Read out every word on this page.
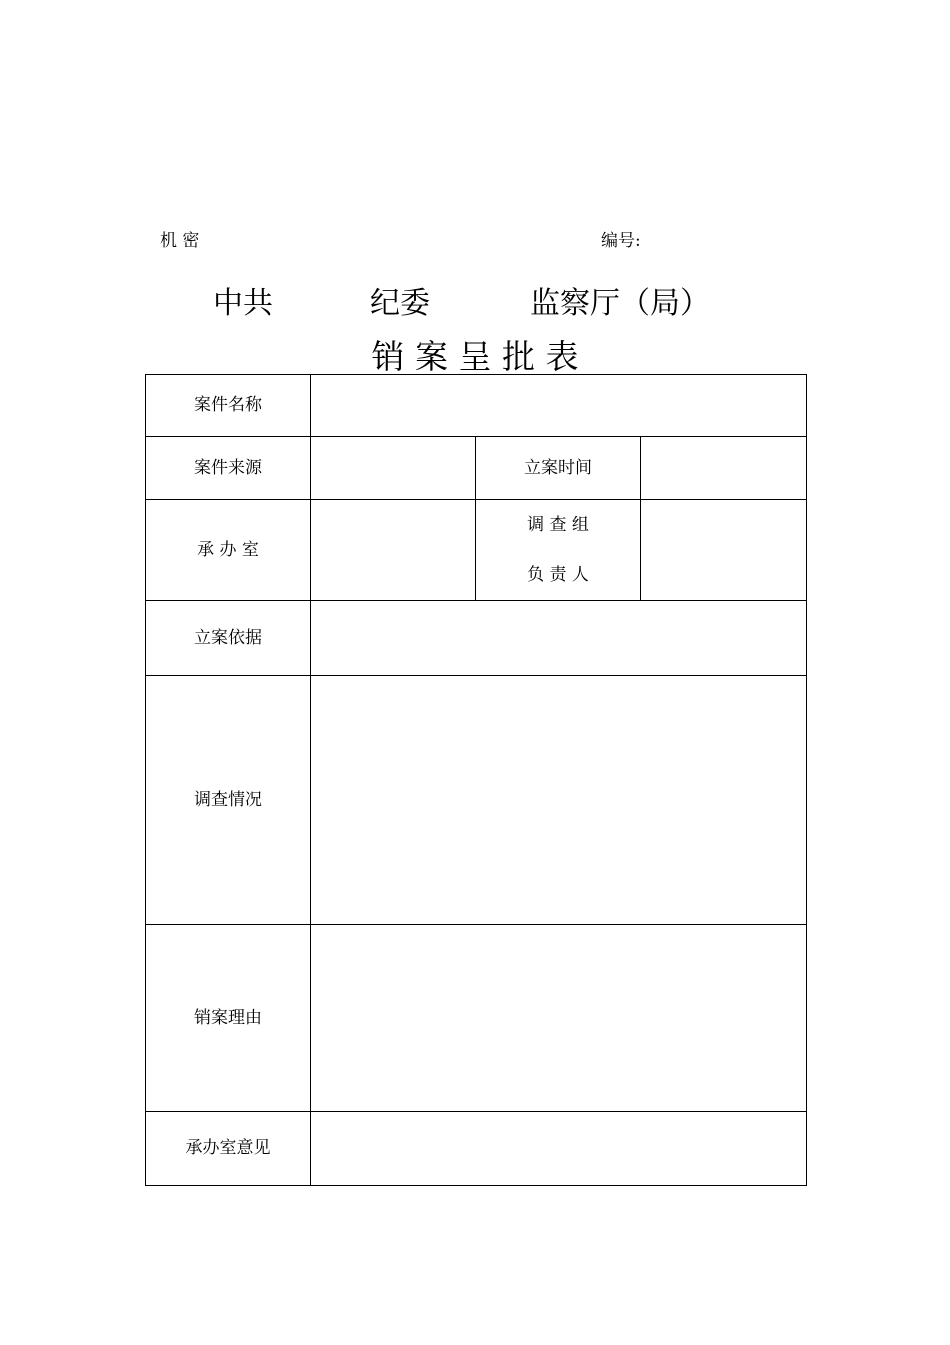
机 密	编号:
中共	纪委	监察厅（局）
销 案 呈 批 表
案件名称			
案件来源		立案时间	
承 办 室		调 查 组
负 责 人	

立案依据			
调查情况			
销案理由			
承办室意见			
